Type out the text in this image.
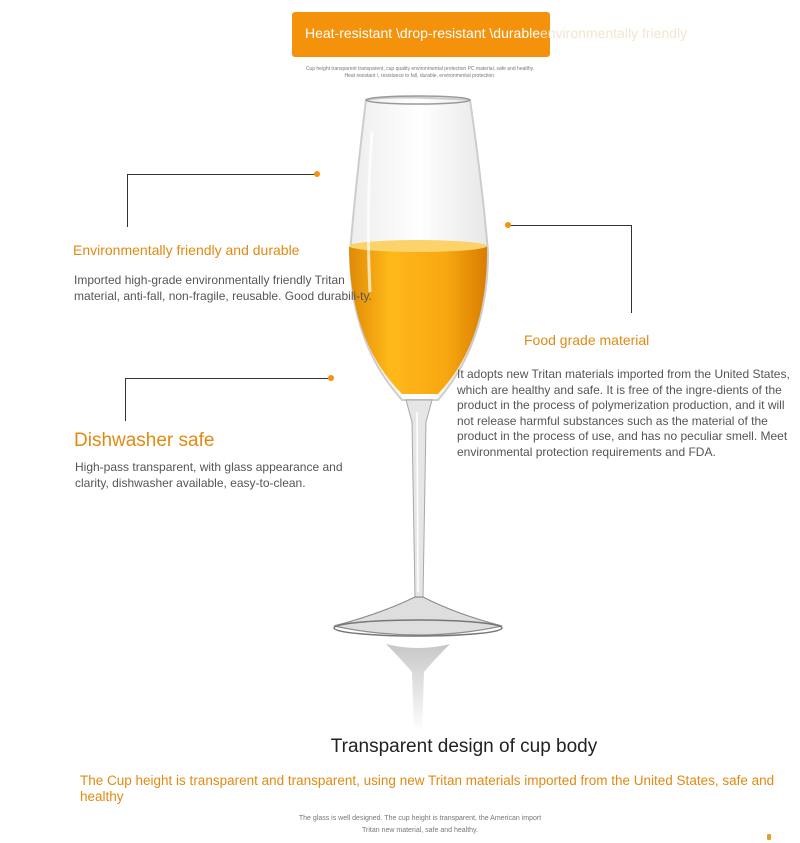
Heat-resistant \drop-resistant \durableenvironmentally friendly
Cup height transparent transparent, cup quality environmental protection PC material, safe and healthy.
Heat resistant \, resistance to fall, durable, environmental protection.
Environmentally friendly and durable
Imported high-grade environmentally friendly Tritan material, anti-fall, non-fragile, reusable. Good durabili-ty.
Food grade material
It adopts new Tritan materials imported from the United States, which are healthy and safe. It is free of the ingre-dients of the product in the process of polymerization production, and it will not release harmful substances such as the material of the product in the process of use, and has no peculiar smell. Meet environmental protection requirements and FDA.
Dishwasher safe
High-pass transparent, with glass appearance and clarity, dishwasher available, easy-to-clean.
Transparent design of cup body
The Cup height is transparent and transparent, using new Tritan materials imported from the United States, safe and healthy
The glass is well designed. The cup height is transparent, the American import
Tritan new material, safe and healthy.
